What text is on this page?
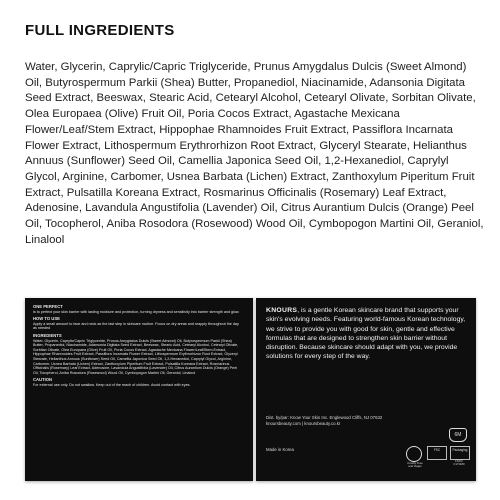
FULL INGREDIENTS
Water, Glycerin, Caprylic/Capric Triglyceride, Prunus Amygdalus Dulcis (Sweet Almond) Oil, Butyrospermum Parkii (Shea) Butter, Propanediol, Niacinamide, Adansonia Digitata Seed Extract, Beeswax, Stearic Acid, Cetearyl Alcohol, Cetearyl Olivate, Sorbitan Olivate, Olea Europaea (Olive) Fruit Oil, Poria Cocos Extract, Agastache Mexicana Flower/Leaf/Stem Extract, Hippophae Rhamnoides Fruit Extract, Passiflora Incarnata Flower Extract, Lithospermum Erythrorhizon Root Extract, Glyceryl Stearate, Helianthus Annuus (Sunflower) Seed Oil, Camellia Japonica Seed Oil, 1,2-Hexanediol, Caprylyl Glycol, Arginine, Carbomer, Usnea Barbata (Lichen) Extract, Zanthoxylum Piperitum Fruit Extract, Pulsatilla Koreana Extract, Rosmarinus Officinalis (Rosemary) Leaf Extract, Adenosine, Lavandula Angustifolia (Lavender) Oil, Citrus Aurantium Dulcis (Orange) Peel Oil, Tocopherol, Aniba Rosodora (Rosewood) Wood Oil, Cymbopogon Martini Oil, Geraniol, Linalool
ONE PERFECT

is to perfect your skin barrier with lasting moisture and protection, turning dryness and sensitivity into barrier strength and glow.

HOW TO USE

Apply a small amount to face and neck as the last step in skincare routine. Focus on dry areas and reapply throughout the day as needed

INGREDIENTS

Water, Glycerin, Caprylic/Capric Triglyceride, Prunus Amygdalus Dulcis (Sweet Almond) Oil, Butyrospermum Parkii (Shea) Butter, Propanediol, Niacinamide, Adansonia Digitata Seed Extract, Beeswax, Stearic Acid, Cetearyl Alcohol, Cetearyl Olivate, Sorbitan Olivate, Olea Europaea (Olive) Fruit Oil, Poria Cocos Extract, Agastache Mexicana Flower/Leaf/Stem Extract, Hippophae Rhamnoides Fruit Extract, Passiflora Incarnata Flower Extract, Lithospermum Erythrorhizon Root Extract, Glyceryl Stearate, Helianthus Annuus (Sunflower) Seed Oil, Camellia Japonica Seed Oil, 1,2-Hexanediol, Caprylyl Glycol, Arginine, Carbomer, Usnea Barbata (Lichen) Extract, Zanthoxylum Piperitum Fruit Extract, Pulsatilla Koreana Extract, Rosmarinus Officinalis (Rosemary) Leaf Extract, Adenosine, Lavandula Angustifolia (Lavender) Oil, Citrus Aurantium Dulcis (Orange) Peel Oil, Tocopherol, Aniba Rosodora (Rosewood) Wood Oil, Cymbopogon Martini Oil, Geraniol, Linalool

CAUTION

For external use only. Do not swallow. Keep out of the reach of children. Avoid contact with eyes.

KNOURS, is a gentle Korean skincare brand that supports your skin's evolving needs. Featuring world-famous Korean technology, we strive to provide you with good for skin, gentle and effective formulas that are designed to strengthen skin barrier without disruption. Because skincare should adapt with you, we provide solutions for every step of the way.
Dist. by/par: Know Your Skin Inc. Englewood Cliffs, NJ 07632 knoursbeauty.com | knoursbeauty.co.kr
Made in Korea
6M
Cruelty Free and Vegan
FSC	Packaging
FSC® C171183
